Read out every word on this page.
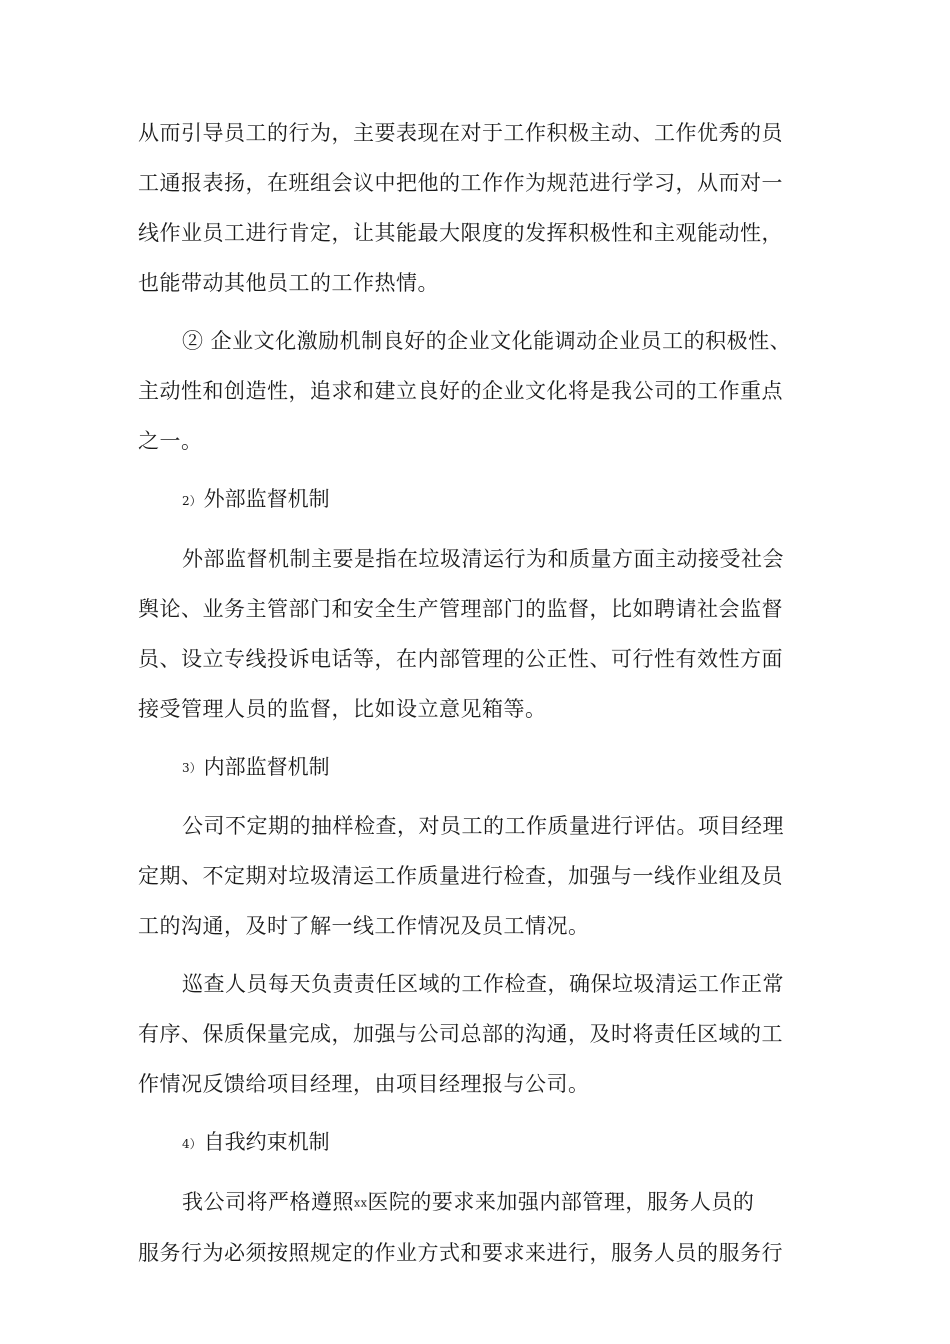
从而引导员工的行为，主要表现在对于工作积极主动、工作优秀的员
工通报表扬，在班组会议中把他的工作作为规范进行学习，从而对一
线作业员工进行肯定，让其能最大限度的发挥积极性和主观能动性，
也能带动其他员工的工作热情。
② 企业文化激励机制良好的企业文化能调动企业员工的积极性、
主动性和创造性，追求和建立良好的企业文化将是我公司的工作重点
之一。
2）外部监督机制
外部监督机制主要是指在垃圾清运行为和质量方面主动接受社会
舆论、业务主管部门和安全生产管理部门的监督，比如聘请社会监督
员、设立专线投诉电话等，在内部管理的公正性、可行性有效性方面
接受管理人员的监督，比如设立意见箱等。
3）内部监督机制
公司不定期的抽样检查，对员工的工作质量进行评估。项目经理
定期、不定期对垃圾清运工作质量进行检查，加强与一线作业组及员
工的沟通，及时了解一线工作情况及员工情况。
巡查人员每天负责责任区域的工作检查，确保垃圾清运工作正常
有序、保质保量完成，加强与公司总部的沟通，及时将责任区域的工
作情况反馈给项目经理，由项目经理报与公司。
4）自我约束机制
我公司将严格遵照xx医院的要求来加强内部管理，服务人员的
服务行为必须按照规定的作业方式和要求来进行，服务人员的服务行
